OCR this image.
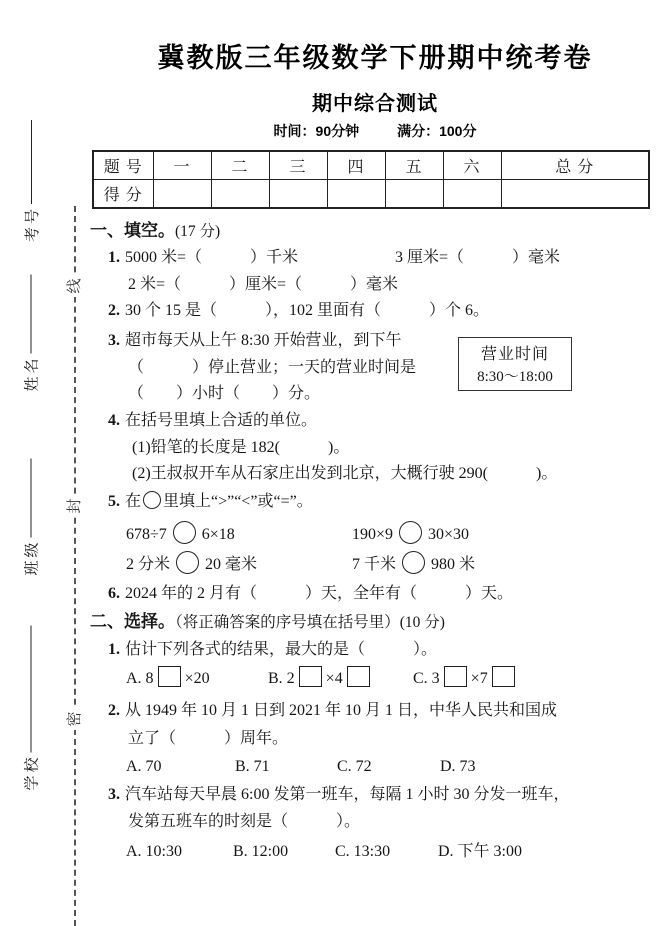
考号
姓名
班级
学校
线
封
密
冀教版三年级数学下册期中统考卷
期中综合测试
时间：90分钟	满分：100分
题 号	一	二	三	四	五	六	总 分
得 分							
一、填空。(17 分)
1. 5000 米=（　　　）千米	3 厘米=（　　　）毫米
2 米=（　　　）厘米=（　　　）毫米
2. 30 个 15 是（　　　），102 里面有（　　　）个 6。
3. 超市每天从上午 8:30 开始营业，到下午
（　　　）停止营业；一天的营业时间是
（　　）小时（　　）分。
营业时间
8:30～18:00
4. 在括号里填上合适的单位。
(1)铅笔的长度是 182(　　　)。
(2)王叔叔开车从石家庄出发到北京，大概行驶 290(　　　)。
5. 在 里填上“>”“<”或“=”。
678÷7 6×18	190×9 30×30
2 分米 20 毫米	7 千米 980 米
6. 2024 年的 2 月有（　　　）天，全年有（　　　）天。
二、选择。（将正确答案的序号填在括号里）(10 分)
1. 估计下列各式的结果，最大的是（　　　）。
A. 8 ×20	B. 2 ×4	C. 3 ×7
2. 从 1949 年 10 月 1 日到 2021 年 10 月 1 日，中华人民共和国成
立了（　　　）周年。
A. 70	B. 71	C. 72	D. 73
3. 汽车站每天早晨 6:00 发第一班车，每隔 1 小时 30 分发一班车，
发第五班车的时刻是（　　　）。
A. 10:30	B. 12:00	C. 13:30	D. 下午 3:00
